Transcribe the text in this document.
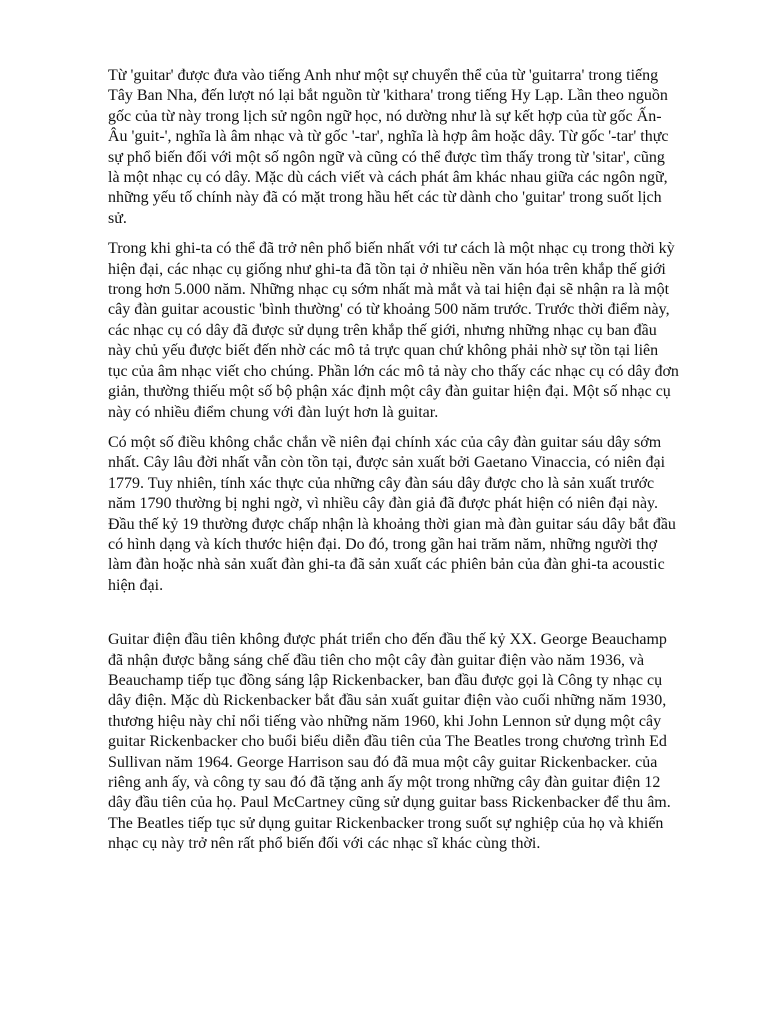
Từ 'guitar' được đưa vào tiếng Anh như một sự chuyển thể của từ 'guitarra' trong tiếng Tây Ban Nha, đến lượt nó lại bắt nguồn từ 'kithara' trong tiếng Hy Lạp. Lần theo nguồn gốc của từ này trong lịch sử ngôn ngữ học, nó dường như là sự kết hợp của từ gốc Ấn-Âu 'guit-', nghĩa là âm nhạc và từ gốc '-tar', nghĩa là hợp âm hoặc dây. Từ gốc '-tar' thực sự phổ biến đối với một số ngôn ngữ và cũng có thể được tìm thấy trong từ 'sitar', cũng là một nhạc cụ có dây. Mặc dù cách viết và cách phát âm khác nhau giữa các ngôn ngữ, những yếu tố chính này đã có mặt trong hầu hết các từ dành cho 'guitar' trong suốt lịch sử.

Trong khi ghi-ta có thể đã trở nên phổ biến nhất với tư cách là một nhạc cụ trong thời kỳ hiện đại, các nhạc cụ giống như ghi-ta đã tồn tại ở nhiều nền văn hóa trên khắp thế giới trong hơn 5.000 năm. Những nhạc cụ sớm nhất mà mắt và tai hiện đại sẽ nhận ra là một cây đàn guitar acoustic 'bình thường' có từ khoảng 500 năm trước. Trước thời điểm này, các nhạc cụ có dây đã được sử dụng trên khắp thế giới, nhưng những nhạc cụ ban đầu này chủ yếu được biết đến nhờ các mô tả trực quan chứ không phải nhờ sự tồn tại liên tục của âm nhạc viết cho chúng. Phần lớn các mô tả này cho thấy các nhạc cụ có dây đơn giản, thường thiếu một số bộ phận xác định một cây đàn guitar hiện đại. Một số nhạc cụ này có nhiều điểm chung với đàn luýt hơn là guitar.

Có một số điều không chắc chắn về niên đại chính xác của cây đàn guitar sáu dây sớm nhất. Cây lâu đời nhất vẫn còn tồn tại, được sản xuất bởi Gaetano Vinaccia, có niên đại 1779. Tuy nhiên, tính xác thực của những cây đàn sáu dây được cho là sản xuất trước năm 1790 thường bị nghi ngờ, vì nhiều cây đàn giả đã được phát hiện có niên đại này. Đầu thế kỷ 19 thường được chấp nhận là khoảng thời gian mà đàn guitar sáu dây bắt đầu có hình dạng và kích thước hiện đại. Do đó, trong gần hai trăm năm, những người thợ làm đàn hoặc nhà sản xuất đàn ghi-ta đã sản xuất các phiên bản của đàn ghi-ta acoustic hiện đại.

Guitar điện đầu tiên không được phát triển cho đến đầu thế kỷ XX. George Beauchamp đã nhận được bằng sáng chế đầu tiên cho một cây đàn guitar điện vào năm 1936, và Beauchamp tiếp tục đồng sáng lập Rickenbacker, ban đầu được gọi là Công ty nhạc cụ dây điện. Mặc dù Rickenbacker bắt đầu sản xuất guitar điện vào cuối những năm 1930, thương hiệu này chỉ nổi tiếng vào những năm 1960, khi John Lennon sử dụng một cây guitar Rickenbacker cho buổi biểu diễn đầu tiên của The Beatles trong chương trình Ed Sullivan năm 1964. George Harrison sau đó đã mua một cây guitar Rickenbacker. của riêng anh ấy, và công ty sau đó đã tặng anh ấy một trong những cây đàn guitar điện 12 dây đầu tiên của họ. Paul McCartney cũng sử dụng guitar bass Rickenbacker để thu âm. The Beatles tiếp tục sử dụng guitar Rickenbacker trong suốt sự nghiệp của họ và khiến nhạc cụ này trở nên rất phổ biến đối với các nhạc sĩ khác cùng thời.
